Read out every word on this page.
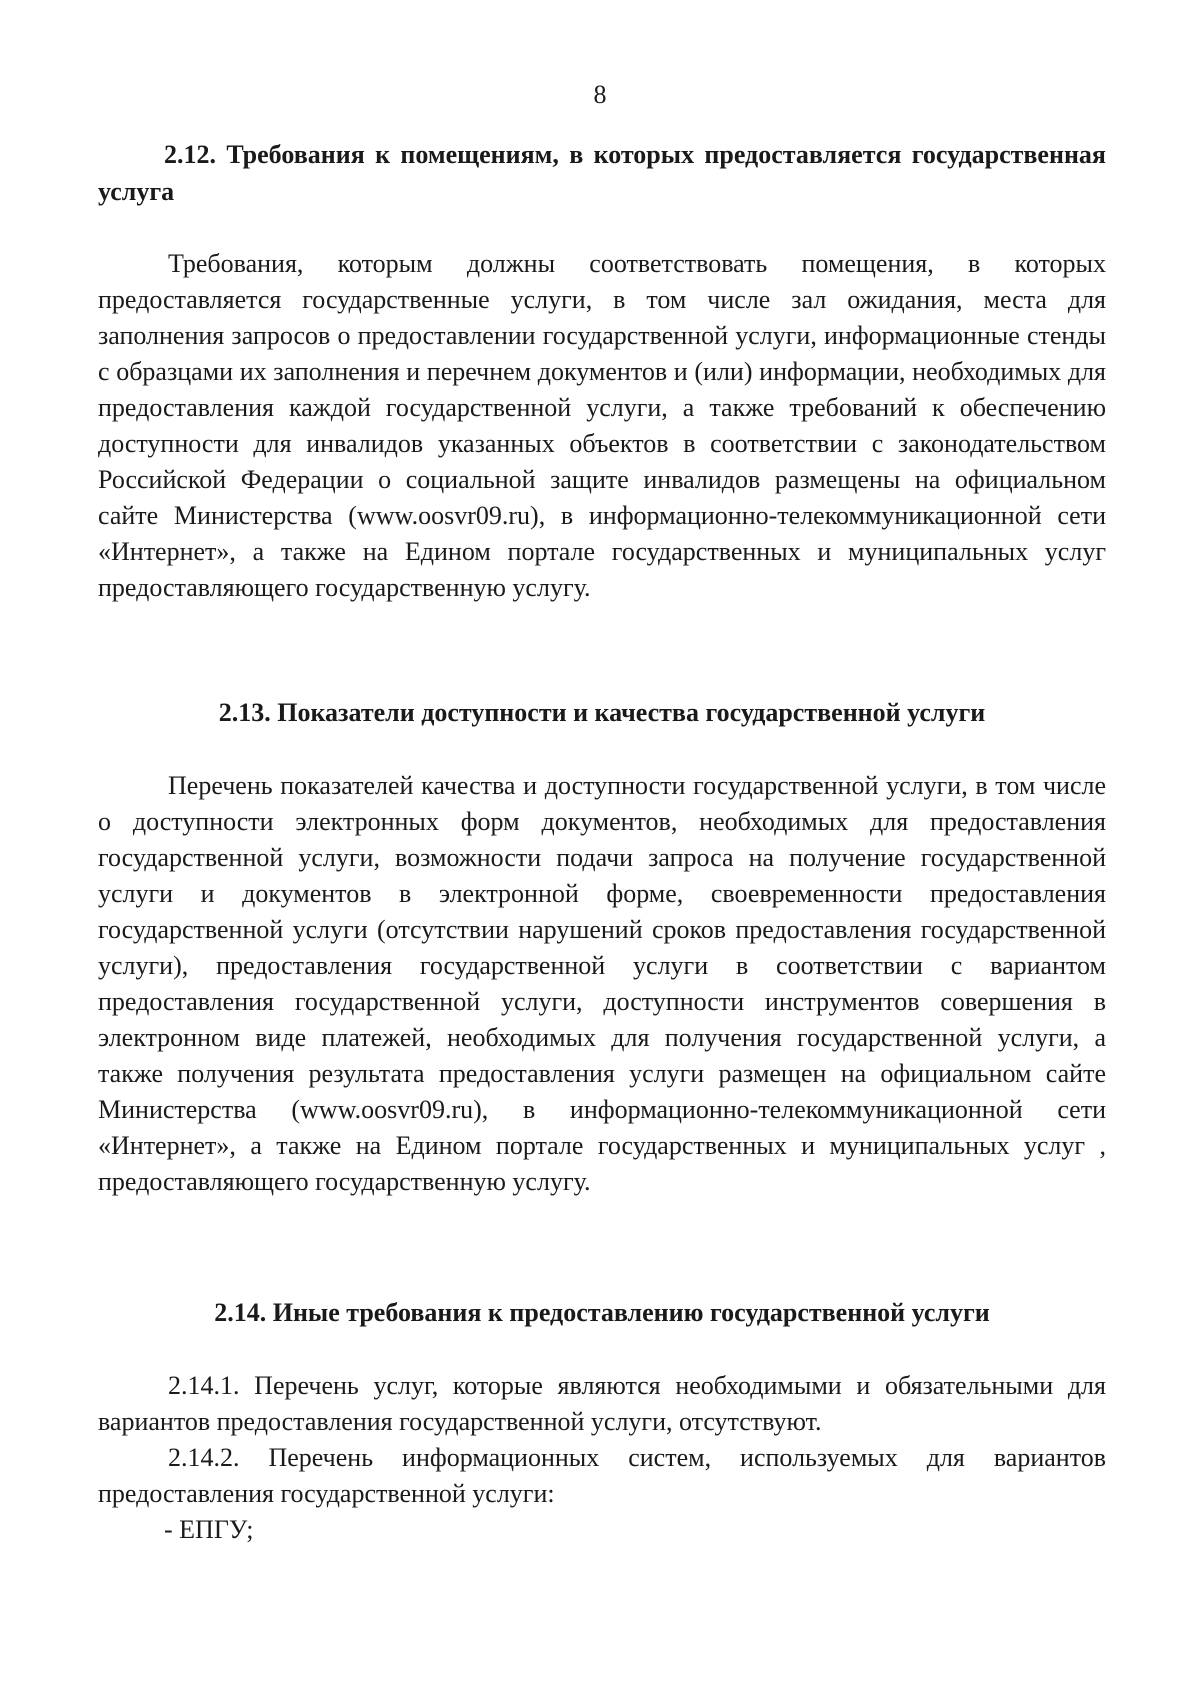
8

2.12. Требования к помещениям, в которых предоставляется государственная услуга

Требования, которым должны соответствовать помещения, в которых предоставляется государственные услуги, в том числе зал ожидания, места для заполнения запросов о предоставлении государственной услуги, информационные стенды с образцами их заполнения и перечнем документов и (или) информации, необходимых для предоставления каждой государственной услуги, а также требований к обеспечению доступности для инвалидов указанных объектов в соответствии с законодательством Российской Федерации о социальной защите инвалидов размещены на официальном сайте Министерства (www.oosvr09.ru), в информационно-телекоммуникационной сети «Интернет», а также на Едином портале государственных и муниципальных услуг предоставляющего государственную услугу.

2.13. Показатели доступности и качества государственной услуги

Перечень показателей качества и доступности государственной услуги, в том числе о доступности электронных форм документов, необходимых для предоставления государственной услуги, возможности подачи запроса на получение государственной услуги и документов в электронной форме, своевременности предоставления государственной услуги (отсутствии нарушений сроков предоставления государственной услуги), предоставления государственной услуги в соответствии с вариантом предоставления государственной услуги, доступности инструментов совершения в электронном виде платежей, необходимых для получения государственной услуги, а также получения результата предоставления услуги размещен на официальном сайте Министерства (www.oosvr09.ru), в информационно-телекоммуникационной сети «Интернет», а также на Едином портале государственных и муниципальных услуг , предоставляющего государственную услугу.

2.14. Иные требования к предоставлению государственной услуги

2.14.1. Перечень услуг, которые являются необходимыми и обязательными для вариантов предоставления государственной услуги, отсутствуют.

2.14.2. Перечень информационных систем, используемых для вариантов предоставления государственной услуги:

- ЕПГУ;
